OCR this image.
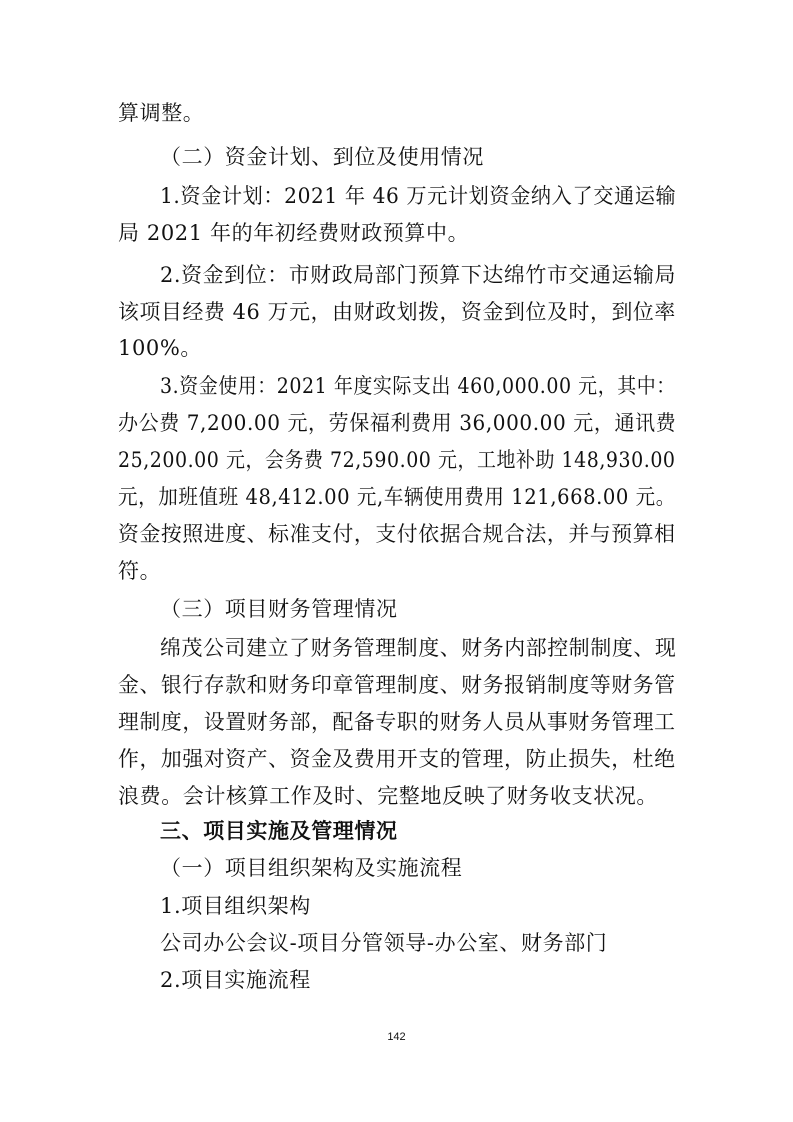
算调整。
（二）资金计划、到位及使用情况
1.资金计划：2021 年 46 万元计划资金纳入了交通运输
局 2021 年的年初经费财政预算中。
2.资金到位：市财政局部门预算下达绵竹市交通运输局
该项目经费 46 万元，由财政划拨，资金到位及时，到位率
100%。
3.资金使用：2021 年度实际支出 460,000.00 元，其中：
办公费 7,200.00 元，劳保福利费用 36,000.00 元，通讯费
25,200.00 元，会务费 72,590.00 元，工地补助 148,930.00
元，加班值班 48,412.00 元,车辆使用费用 121,668.00 元。
资金按照进度、标准支付，支付依据合规合法，并与预算相
符。
（三）项目财务管理情况
绵茂公司建立了财务管理制度、财务内部控制制度、现
金、银行存款和财务印章管理制度、财务报销制度等财务管
理制度，设置财务部，配备专职的财务人员从事财务管理工
作，加强对资产、资金及费用开支的管理，防止损失，杜绝
浪费。会计核算工作及时、完整地反映了财务收支状况。
三、项目实施及管理情况
（一）项目组织架构及实施流程
1.项目组织架构
公司办公会议-项目分管领导-办公室、财务部门
2.项目实施流程
142
